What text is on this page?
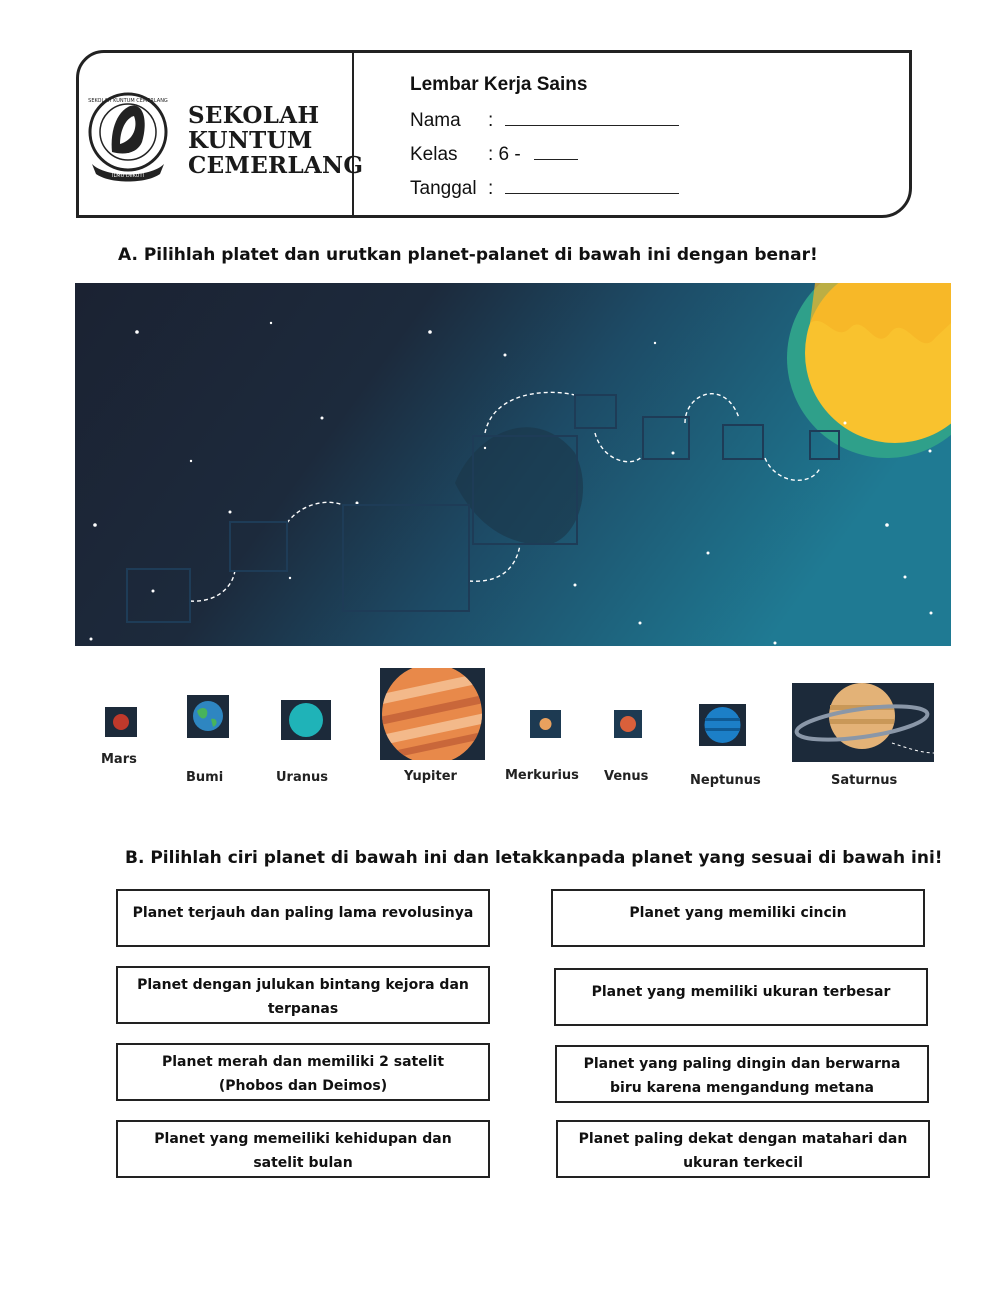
ILMU DIIKUTI
SEKOLAH KUNTUM CEMERLANG
SEKOLAH
KUNTUM
CEMERLANG
Lembar Kerja Sains
Nama :
Kelas : 6 -
Tanggal :
A. Pilihlah platet dan urutkan planet-palanet di bawah ini dengan benar!
Mars
Bumi	Uranus	Yupiter	Merkurius Venus	Neptunus	Saturnus
B. Pilihlah ciri planet di bawah ini dan letakkanpada planet yang sesuai di bawah ini!
Planet terjauh dan paling lama revolusinya
Planet dengan julukan bintang kejora dan terpanas
Planet merah dan memiliki 2 satelit (Phobos dan Deimos)
Planet yang memeiliki kehidupan dan satelit bulan
Planet yang memiliki cincin
Planet yang memiliki ukuran terbesar
Planet yang paling dingin dan berwarna biru karena mengandung metana
Planet paling dekat dengan matahari dan ukuran terkecil
